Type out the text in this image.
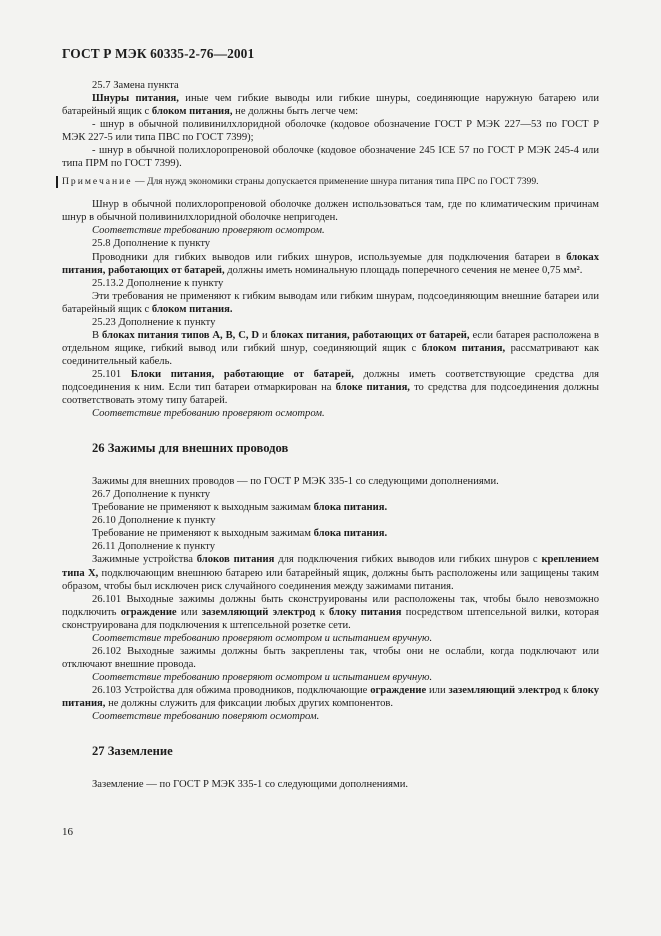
ГОСТ Р МЭК 60335-2-76—2001

25.7 Замена пункта

Шнуры питания, иные чем гибкие выводы или гибкие шнуры, соединяющие наружную батарею или батарейный ящик с блоком питания, не должны быть легче чем:

- шнур в обычной поливинилхлоридной оболочке (кодовое обозначение ГОСТ Р МЭК 227—53 по ГОСТ Р МЭК 227-5 или типа ПВС по ГОСТ 7399);

- шнур в обычной полихлоропреновой оболочке (кодовое обозначение 245 ICE 57 по ГОСТ Р МЭК 245-4 или типа ПРМ по ГОСТ 7399).

Примечание — Для нужд экономики страны допускается применение шнура питания типа ПРС по ГОСТ 7399.

Шнур в обычной полихлоропреновой оболочке должен использоваться там, где по климатическим причинам шнур в обычной поливинилхлоридной оболочке непригоден.

Соответствие требованию проверяют осмотром.

25.8 Дополнение к пункту

Проводники для гибких выводов или гибких шнуров, используемые для подключения батареи в блоках питания, работающих от батарей, должны иметь номинальную площадь поперечного сечения не менее 0,75 мм².

25.13.2 Дополнение к пункту

Эти требования не применяют к гибким выводам или гибким шнурам, подсоединяющим внешние батареи или батарейный ящик с блоком питания.

25.23 Дополнение к пункту

В блоках питания типов А, В, С, D и блоках питания, работающих от батарей, если батарея расположена в отдельном ящике, гибкий вывод или гибкий шнур, соединяющий ящик с блоком питания, рассматривают как соединительный кабель.

25.101 Блоки питания, работающие от батарей, должны иметь соответствующие средства для подсоединения к ним. Если тип батареи отмаркирован на блоке питания, то средства для подсоединения должны соответствовать этому типу батарей.

Соответствие требованию проверяют осмотром.

26 Зажимы для внешних проводов

Зажимы для внешних проводов — по ГОСТ Р МЭК 335-1 со следующими дополнениями.

26.7 Дополнение к пункту

Требование не применяют к выходным зажимам блока питания.

26.10 Дополнение к пункту

Требование не применяют к выходным зажимам блока питания.

26.11 Дополнение к пункту

Зажимные устройства блоков питания для подключения гибких выводов или гибких шнуров с креплением типа X, подключающим внешнюю батарею или батарейный ящик, должны быть расположены или защищены таким образом, чтобы был исключен риск случайного соединения между зажимами питания.

26.101 Выходные зажимы должны быть сконструированы или расположены так, чтобы было невозможно подключить ограждение или заземляющий электрод к блоку питания посредством штепсельной вилки, которая сконструирована для подключения к штепсельной розетке сети.

Соответствие требованию проверяют осмотром и испытанием вручную.

26.102 Выходные зажимы должны быть закреплены так, чтобы они не ослабли, когда подключают или отключают внешние провода.

Соответствие требованию проверяют осмотром и испытанием вручную.

26.103 Устройства для обжима проводников, подключающие ограждение или заземляющий электрод к блоку питания, не должны служить для фиксации любых других компонентов.

Соответствие требованию поверяют осмотром.

27 Заземление

Заземление — по ГОСТ Р МЭК 335-1 со следующими дополнениями.

16
